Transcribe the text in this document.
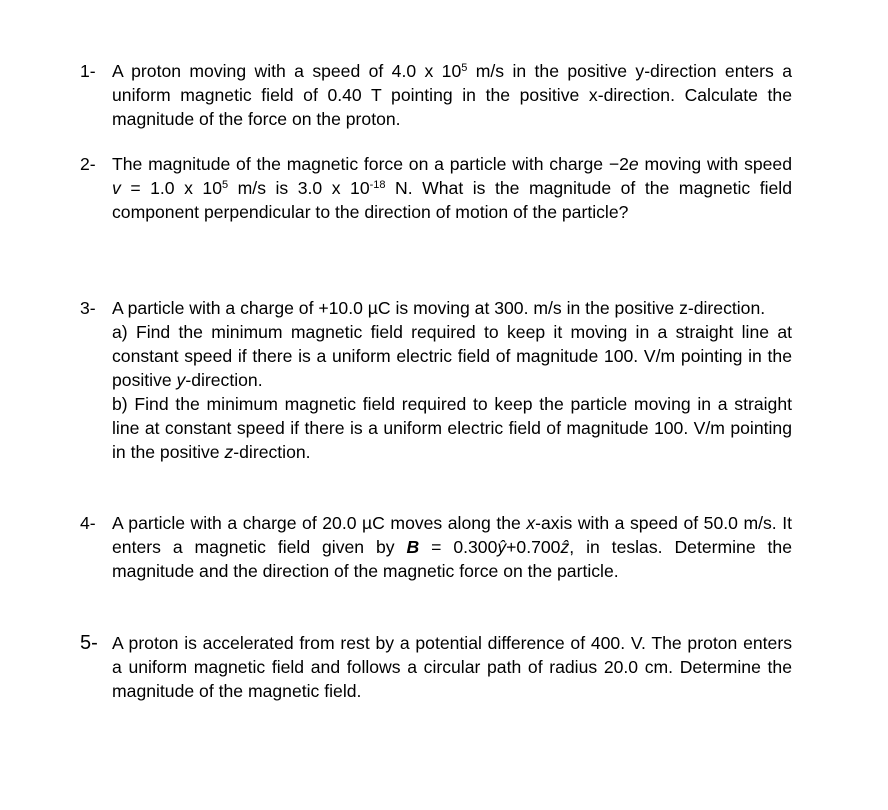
1- A proton moving with a speed of 4.0 x $10^5$ m/s in the positive y-direction enters a uniform magnetic field of 0.40 T pointing in the positive x-direction. Calculate the magnitude of the force on the proton.
2- The magnitude of the magnetic force on a particle with charge −2e moving with speed v = 1.0 x $10^5$ m/s is 3.0 x $10^{-18}$ N. What is the magnitude of the magnetic field component perpendicular to the direction of motion of the particle?
3- A particle with a charge of +10.0 µC is moving at 300. m/s in the positive z-direction.
a) Find the minimum magnetic field required to keep it moving in a straight line at constant speed if there is a uniform electric field of magnitude 100. V/m pointing in the positive y-direction.
b) Find the minimum magnetic field required to keep the particle moving in a straight line at constant speed if there is a uniform electric field of magnitude 100. V/m pointing in the positive z-direction.
4- A particle with a charge of 20.0 µC moves along the x-axis with a speed of 50.0 m/s. It enters a magnetic field given by B = 0.300ŷ+0.700ẑ, in teslas. Determine the magnitude and the direction of the magnetic force on the particle.
5- A proton is accelerated from rest by a potential difference of 400. V. The proton enters a uniform magnetic field and follows a circular path of radius 20.0 cm. Determine the magnitude of the magnetic field.
